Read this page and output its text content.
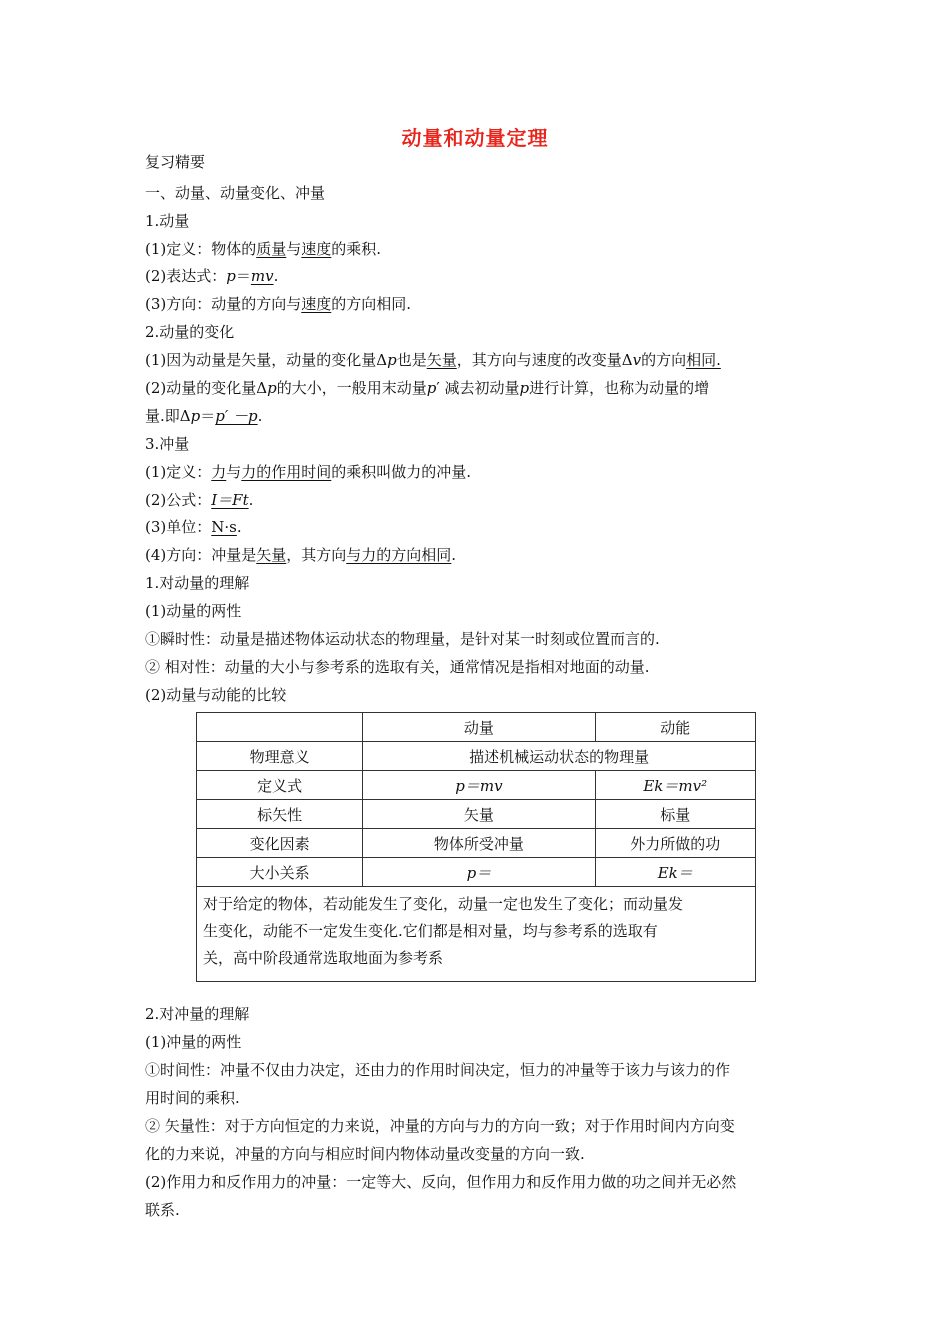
动量和动量定理
复习精要
一、动量、动量变化、冲量
1.动量
(1)定义：物体的质量与速度的乘积.
(2)表达式：p＝mv.
(3)方向：动量的方向与速度的方向相同.
2.动量的变化
(1)因为动量是矢量，动量的变化量Δp也是矢量，其方向与速度的改变量Δv的方向相同.
(2)动量的变化量Δp的大小，一般用末动量p′ 减去初动量p进行计算，也称为动量的增
量.即Δp＝p′ －p.
3.冲量
(1)定义：力与力的作用时间的乘积叫做力的冲量.
(2)公式：I＝Ft.
(3)单位：N·s.
(4)方向：冲量是矢量，其方向与力的方向相同.
1.对动量的理解
(1)动量的两性
①瞬时性：动量是描述物体运动状态的物理量，是针对某一时刻或位置而言的.
② 相对性：动量的大小与参考系的选取有关，通常情况是指相对地面的动量.
(2)动量与动能的比较
	动量	动能
物理意义	描述机械运动状态的物理量	
定义式	p＝mv	Ek＝mv²
标矢性	矢量	标量
变化因素	物体所受冲量	外力所做的功
大小关系	p＝	Ek＝

对于给定的物体，若动能发生了变化，动量一定也发生了变化；而动量发
生变化，动能不一定发生变化.它们都是相对量，均与参考系的选取有
关，高中阶段通常选取地面为参考系		
2.对冲量的理解
(1)冲量的两性
①时间性：冲量不仅由力决定，还由力的作用时间决定，恒力的冲量等于该力与该力的作
用时间的乘积.
② 矢量性：对于方向恒定的力来说，冲量的方向与力的方向一致；对于作用时间内方向变
化的力来说，冲量的方向与相应时间内物体动量改变量的方向一致.
(2)作用力和反作用力的冲量：一定等大、反向，但作用力和反作用力做的功之间并无必然
联系.
